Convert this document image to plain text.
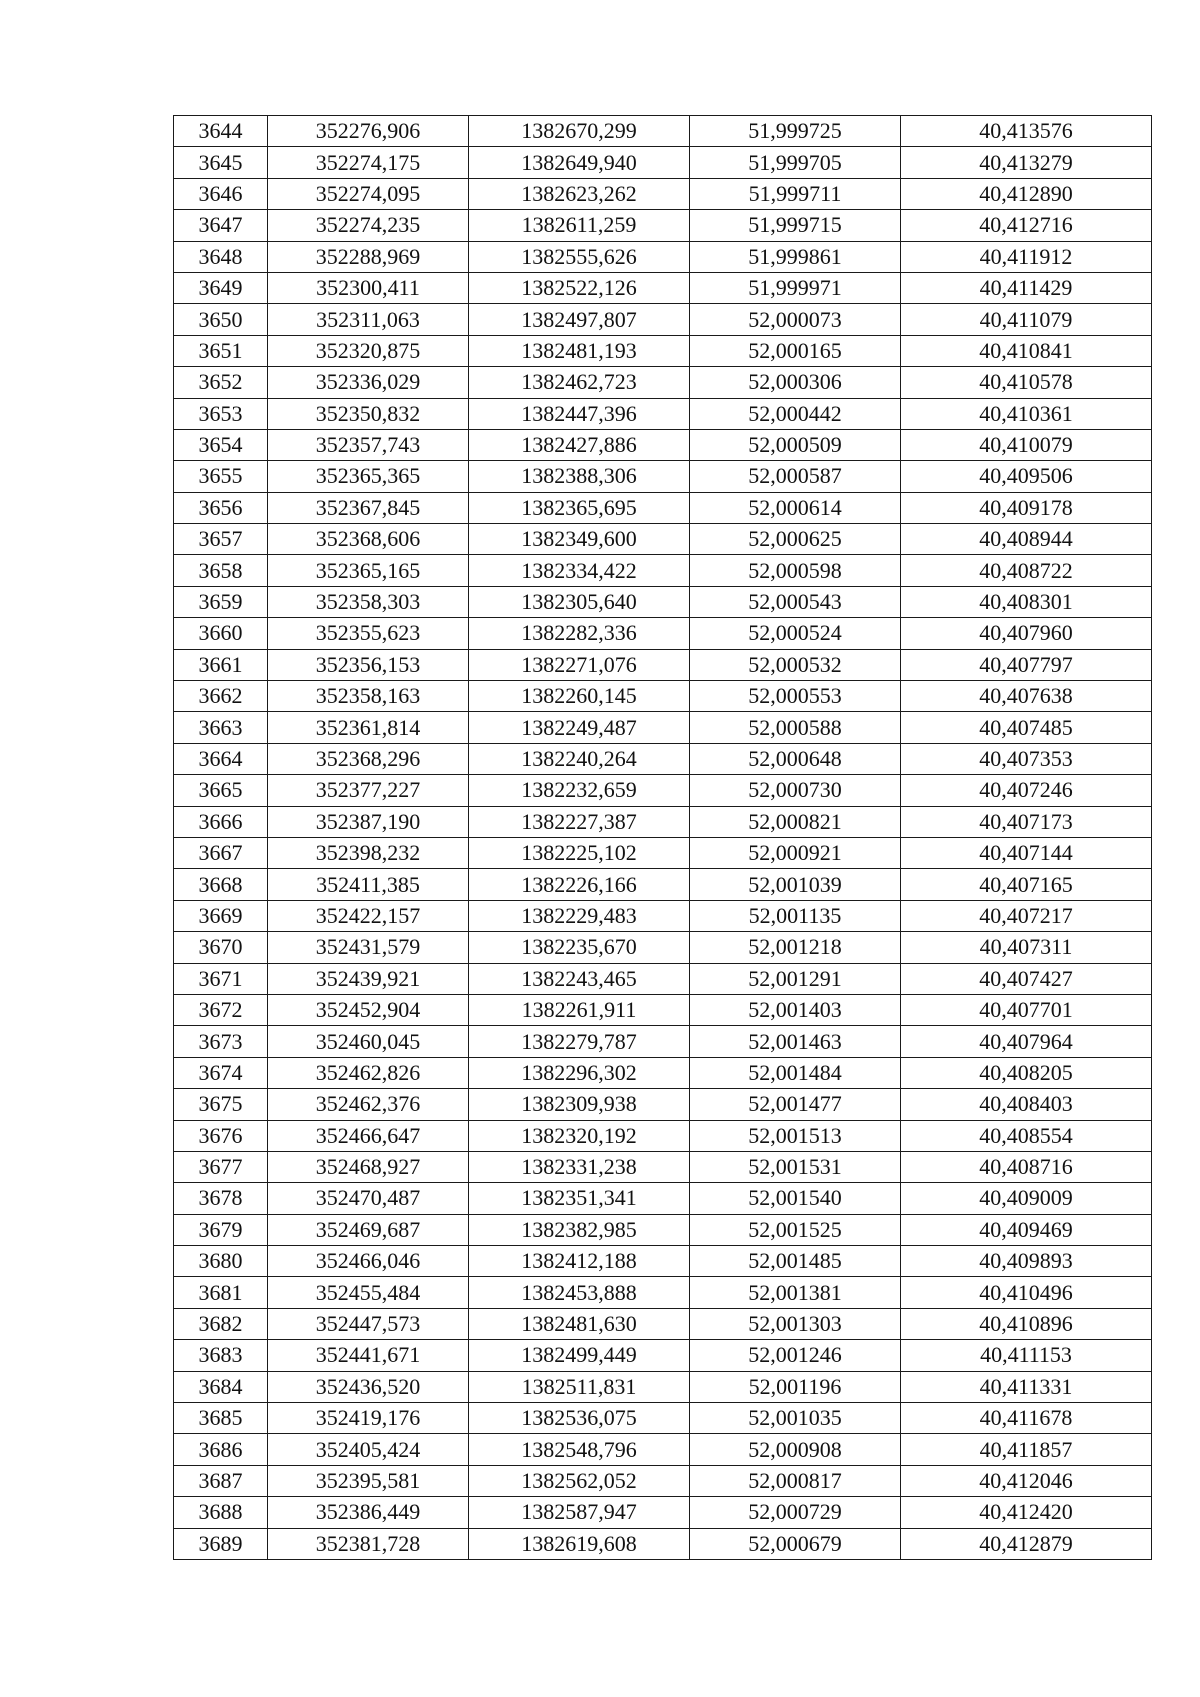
3644	352276,906	1382670,299	51,999725	40,413576
3645	352274,175	1382649,940	51,999705	40,413279
3646	352274,095	1382623,262	51,999711	40,412890
3647	352274,235	1382611,259	51,999715	40,412716
3648	352288,969	1382555,626	51,999861	40,411912
3649	352300,411	1382522,126	51,999971	40,411429
3650	352311,063	1382497,807	52,000073	40,411079
3651	352320,875	1382481,193	52,000165	40,410841
3652	352336,029	1382462,723	52,000306	40,410578
3653	352350,832	1382447,396	52,000442	40,410361
3654	352357,743	1382427,886	52,000509	40,410079
3655	352365,365	1382388,306	52,000587	40,409506
3656	352367,845	1382365,695	52,000614	40,409178
3657	352368,606	1382349,600	52,000625	40,408944
3658	352365,165	1382334,422	52,000598	40,408722
3659	352358,303	1382305,640	52,000543	40,408301
3660	352355,623	1382282,336	52,000524	40,407960
3661	352356,153	1382271,076	52,000532	40,407797
3662	352358,163	1382260,145	52,000553	40,407638
3663	352361,814	1382249,487	52,000588	40,407485
3664	352368,296	1382240,264	52,000648	40,407353
3665	352377,227	1382232,659	52,000730	40,407246
3666	352387,190	1382227,387	52,000821	40,407173
3667	352398,232	1382225,102	52,000921	40,407144
3668	352411,385	1382226,166	52,001039	40,407165
3669	352422,157	1382229,483	52,001135	40,407217
3670	352431,579	1382235,670	52,001218	40,407311
3671	352439,921	1382243,465	52,001291	40,407427
3672	352452,904	1382261,911	52,001403	40,407701
3673	352460,045	1382279,787	52,001463	40,407964
3674	352462,826	1382296,302	52,001484	40,408205
3675	352462,376	1382309,938	52,001477	40,408403
3676	352466,647	1382320,192	52,001513	40,408554
3677	352468,927	1382331,238	52,001531	40,408716
3678	352470,487	1382351,341	52,001540	40,409009
3679	352469,687	1382382,985	52,001525	40,409469
3680	352466,046	1382412,188	52,001485	40,409893
3681	352455,484	1382453,888	52,001381	40,410496
3682	352447,573	1382481,630	52,001303	40,410896
3683	352441,671	1382499,449	52,001246	40,411153
3684	352436,520	1382511,831	52,001196	40,411331
3685	352419,176	1382536,075	52,001035	40,411678
3686	352405,424	1382548,796	52,000908	40,411857
3687	352395,581	1382562,052	52,000817	40,412046
3688	352386,449	1382587,947	52,000729	40,412420
3689	352381,728	1382619,608	52,000679	40,412879
